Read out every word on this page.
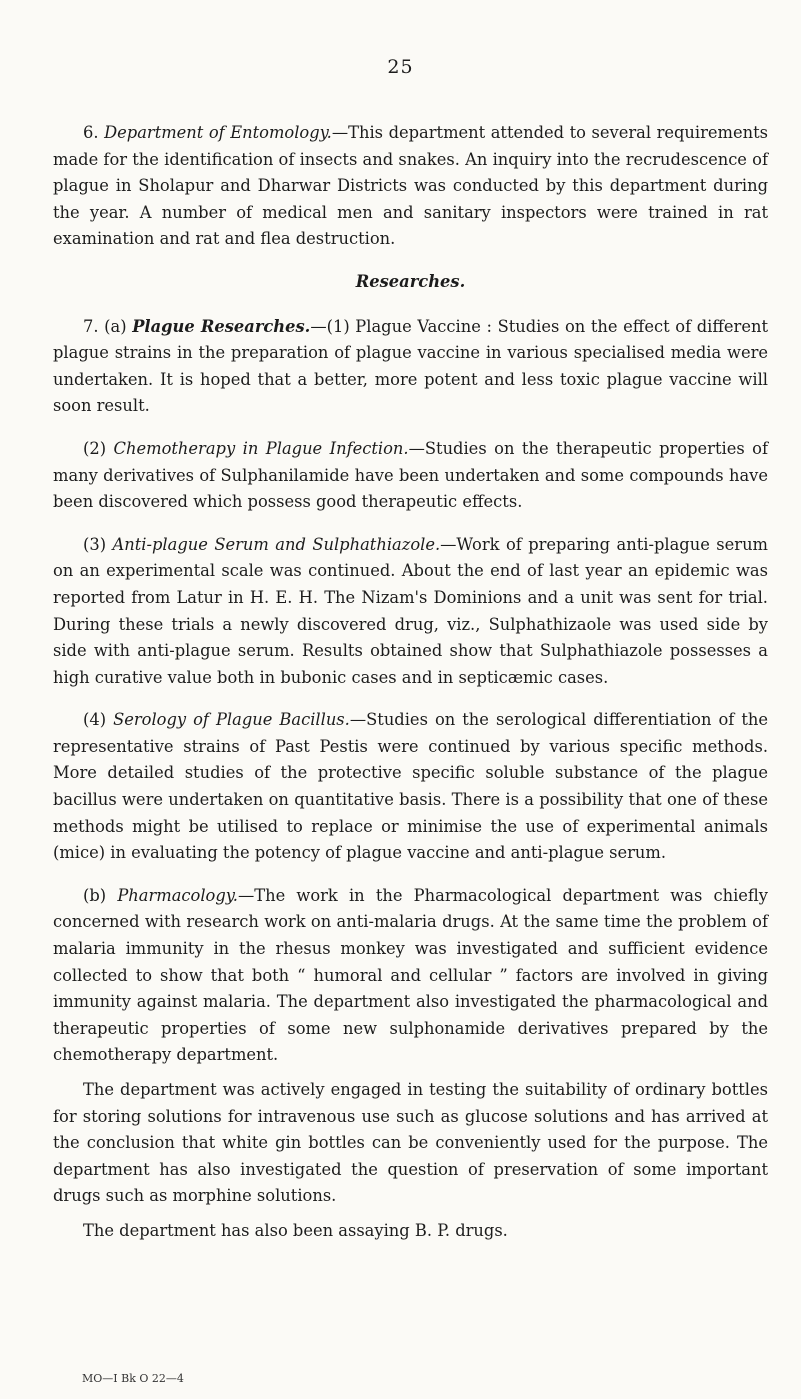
25

6. Department of Entomology.—This department attended to several requirements made for the identification of insects and snakes. An inquiry into the recrudescence of plague in Sholapur and Dharwar Districts was conducted by this department during the year. A number of medical men and sanitary inspectors were trained in rat examination and rat and flea destruction.

Researches.

7. (a) Plague Researches.—(1) Plague Vaccine : Studies on the effect of different plague strains in the preparation of plague vaccine in various specialised media were undertaken. It is hoped that a better, more potent and less toxic plague vaccine will soon result.

(2) Chemotherapy in Plague Infection.—Studies on the therapeutic properties of many derivatives of Sulphanilamide have been undertaken and some compounds have been discovered which possess good therapeutic effects.

(3) Anti-plague Serum and Sulphathiazole.—Work of preparing anti-plague serum on an experimental scale was continued. About the end of last year an epidemic was reported from Latur in H. E. H. The Nizam's Dominions and a unit was sent for trial. During these trials a newly discovered drug, viz., Sulphathizaole was used side by side with anti-plague serum. Results obtained show that Sulphathiazole possesses a high curative value both in bubonic cases and in septicæmic cases.

(4) Serology of Plague Bacillus.—Studies on the serological differentiation of the representative strains of Past Pestis were continued by various specific methods. More detailed studies of the protective specific soluble substance of the plague bacillus were undertaken on quantitative basis. There is a possibility that one of these methods might be utilised to replace or minimise the use of experimental animals (mice) in evaluating the potency of plague vaccine and anti-plague serum.

(b) Pharmacology.—The work in the Pharmacological department was chiefly concerned with research work on anti-malaria drugs. At the same time the problem of malaria immunity in the rhesus monkey was investigated and sufficient evidence collected to show that both “ humoral and cellular ” factors are involved in giving immunity against malaria. The department also investigated the pharmacological and therapeutic properties of some new sulphonamide derivatives prepared by the chemotherapy department.

The department was actively engaged in testing the suitability of ordinary bottles for storing solutions for intravenous use such as glucose solutions and has arrived at the conclusion that white gin bottles can be conveniently used for the purpose. The department has also investigated the question of preservation of some important drugs such as morphine solutions.

The department has also been assaying B. P. drugs.

MO—I Bk O 22—4
